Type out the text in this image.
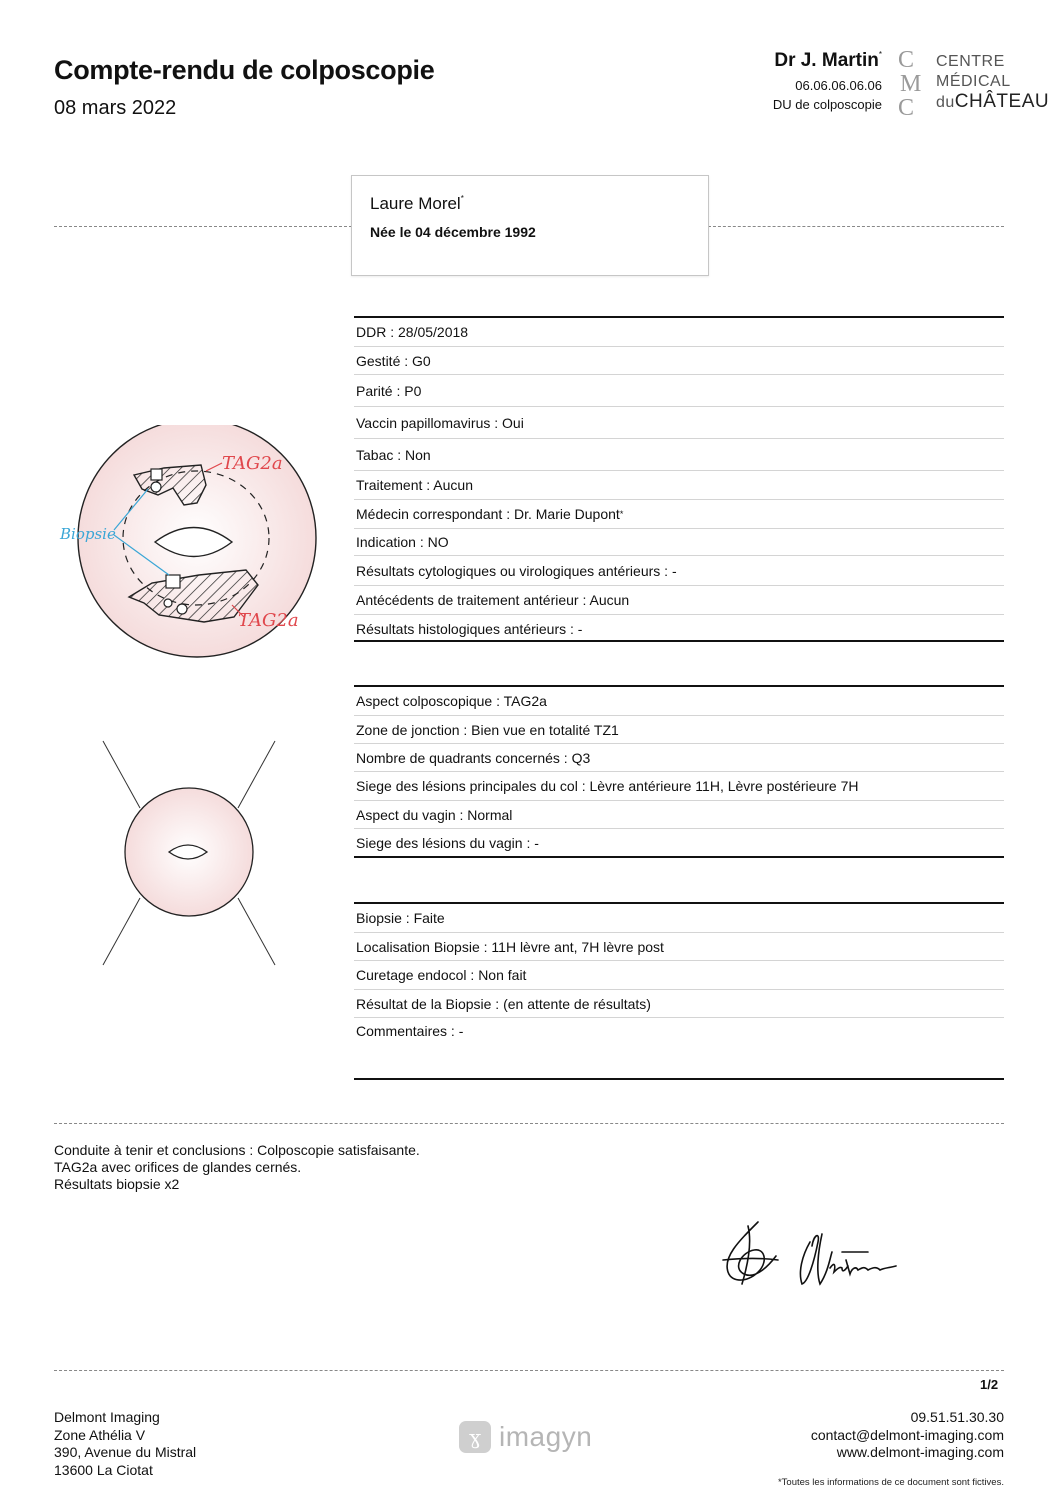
Compte-rendu de colposcopie
08 mars 2022
Dr J. Martin*
06.06.06.06.06
DU de colposcopie
C
M
C
CENTRE
MÉDICAL
duCHÂTEAU
Laure Morel*
Née le 04 décembre 1992
TAG2a
TAG2a
Biopsie
DDR : 28/05/2018
Gestité : G0
Parité : P0
Vaccin papillomavirus : Oui
Tabac : Non
Traitement : Aucun
Médecin correspondant : Dr. Marie Dupont *
Indication : NO
Résultats cytologiques ou virologiques antérieurs : -
Antécédents de traitement antérieur : Aucun
Résultats histologiques antérieurs : -
Aspect colposcopique : TAG2a
Zone de jonction : Bien vue en totalité TZ1
Nombre de quadrants concernés : Q3
Siege des lésions principales du col : Lèvre antérieure 11H, Lèvre postérieure 7H
Aspect du vagin : Normal
Siege des lésions du vagin : -
Biopsie : Faite
Localisation Biopsie : 11H lèvre ant, 7H lèvre post
Curetage endocol : Non fait
Résultat de la Biopsie : (en attente de résultats)
Commentaires : -
Conduite à tenir et conclusions : Colposcopie satisfaisante.
TAG2a avec orifices de glandes cernés.
Résultats biopsie x2
1/2
Delmont Imaging
Zone Athélia V
390, Avenue du Mistral
13600 La Ciotat
ɣ imagyn
09.51.51.30.30
contact@delmont-imaging.com
www.delmont-imaging.com
*Toutes les informations de ce document sont fictives.
